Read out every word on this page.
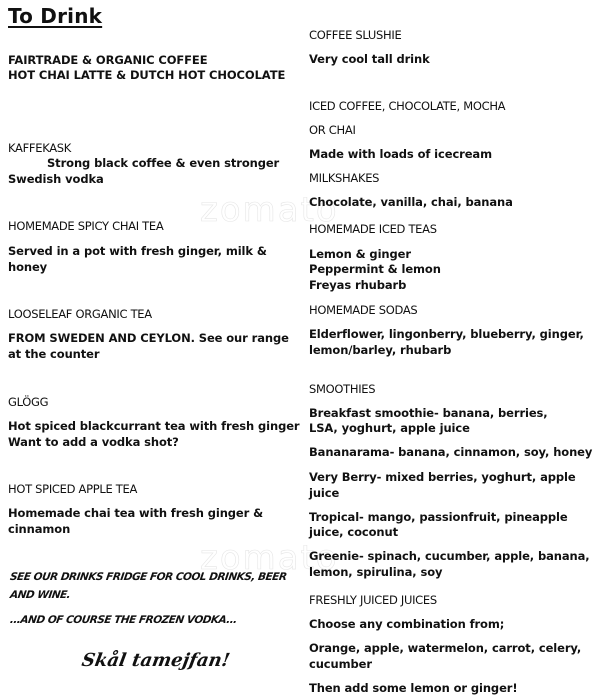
zomato
zomato
To Drink
FAIRTRADE & ORGANIC COFFEE
HOT CHAI LATTE & DUTCH HOT CHOCOLATE
KAFFEKASK
Strong black coffee & even stronger
Swedish vodka
HOMEMADE SPICY CHAI TEA
Served in a pot with fresh ginger, milk &
honey
LOOSELEAF ORGANIC TEA
FROM SWEDEN AND CEYLON. See our range
at the counter
GLÖGG
Hot spiced blackcurrant tea with fresh ginger
Want to add a vodka shot?
HOT SPICED APPLE TEA
Homemade chai tea with fresh ginger &
cinnamon
SEE OUR DRINKS FRIDGE FOR COOL DRINKS, BEER
AND WINE.
...AND OF COURSE THE FROZEN VODKA...
Skål tamejfan!
COFFEE SLUSHIE
Very cool tall drink
ICED COFFEE, CHOCOLATE, MOCHA
OR CHAI
Made with loads of icecream
MILKSHAKES
Chocolate, vanilla, chai, banana
HOMEMADE ICED TEAS
Lemon & ginger
Peppermint & lemon
Freyas rhubarb
HOMEMADE SODAS
Elderflower, lingonberry, blueberry, ginger,
lemon/barley, rhubarb
SMOOTHIES
Breakfast smoothie- banana, berries,
LSA, yoghurt, apple juice
Bananarama- banana, cinnamon, soy, honey
Very Berry- mixed berries, yoghurt, apple
juice
Tropical- mango, passionfruit, pineapple
juice, coconut
Greenie- spinach, cucumber, apple, banana,
lemon, spirulina, soy
FRESHLY JUICED JUICES
Choose any combination from;
Orange, apple, watermelon, carrot, celery,
cucumber
Then add some lemon or ginger!
